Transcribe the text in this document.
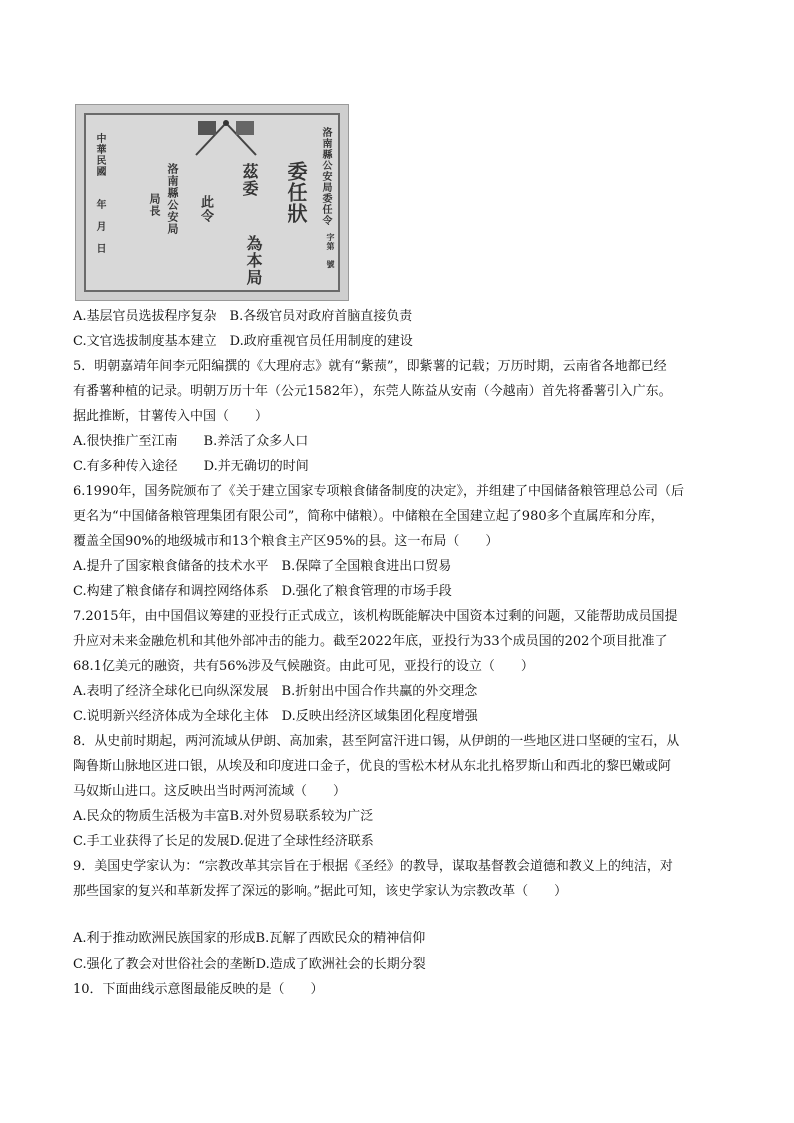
中華民國　　年　月　日	洛南縣公安局
局長	此令
茲委 委任狀
為本局
洛南縣公安局委任令
字第　號
A.基层官员选拔程序复杂　B.各级官员对政府首脑直接负责
C.文官选拔制度基本建立　D.政府重视官员任用制度的建设
5．明朝嘉靖年间李元阳编撰的《大理府志》就有“紫蓣”，即紫薯的记载；万历时期，云南省各地都已经
有番薯种植的记录。明朝万历十年（公元1582年），东莞人陈益从安南（今越南）首先将番薯引入广东。
据此推断，甘薯传入中国（　　）
A.很快推广至江南　　B.养活了众多人口
C.有多种传入途径　　D.并无确切的时间
6.1990年，国务院颁布了《关于建立国家专项粮食储备制度的决定》，并组建了中国储备粮管理总公司（后
更名为“中国储备粮管理集团有限公司”，简称中储粮）。中储粮在全国建立起了980多个直属库和分库，
覆盖全国90%的地级城市和13个粮食主产区95%的县。这一布局（　　）
A.提升了国家粮食储备的技术水平　B.保障了全国粮食进出口贸易
C.构建了粮食储存和调控网络体系　D.强化了粮食管理的市场手段
7.2015年，由中国倡议筹建的亚投行正式成立，该机构既能解决中国资本过剩的问题，又能帮助成员国提
升应对未来金融危机和其他外部冲击的能力。截至2022年底，亚投行为33个成员国的202个项目批准了
68.1亿美元的融资，共有56%涉及气候融资。由此可见，亚投行的设立（　　）
A.表明了经济全球化已向纵深发展　B.折射出中国合作共赢的外交理念
C.说明新兴经济体成为全球化主体　D.反映出经济区域集团化程度增强
8．从史前时期起，两河流域从伊朗、高加索，甚至阿富汗进口锡，从伊朗的一些地区进口坚硬的宝石，从
陶鲁斯山脉地区进口银，从埃及和印度进口金子，优良的雪松木材从东北扎格罗斯山和西北的黎巴嫩或阿
马奴斯山进口。这反映出当时两河流域（　　）
A.民众的物质生活极为丰富B.对外贸易联系较为广泛
C.手工业获得了长足的发展D.促进了全球性经济联系
9．美国史学家认为：“宗教改革其宗旨在于根据《圣经》的教导，谋取基督教会道德和教义上的纯洁，对
那些国家的复兴和革新发挥了深远的影响。”据此可知，该史学家认为宗教改革（　　）
A.利于推动欧洲民族国家的形成B.瓦解了西欧民众的精神信仰
C.强化了教会对世俗社会的垄断D.造成了欧洲社会的长期分裂
10．下面曲线示意图最能反映的是（　　）
